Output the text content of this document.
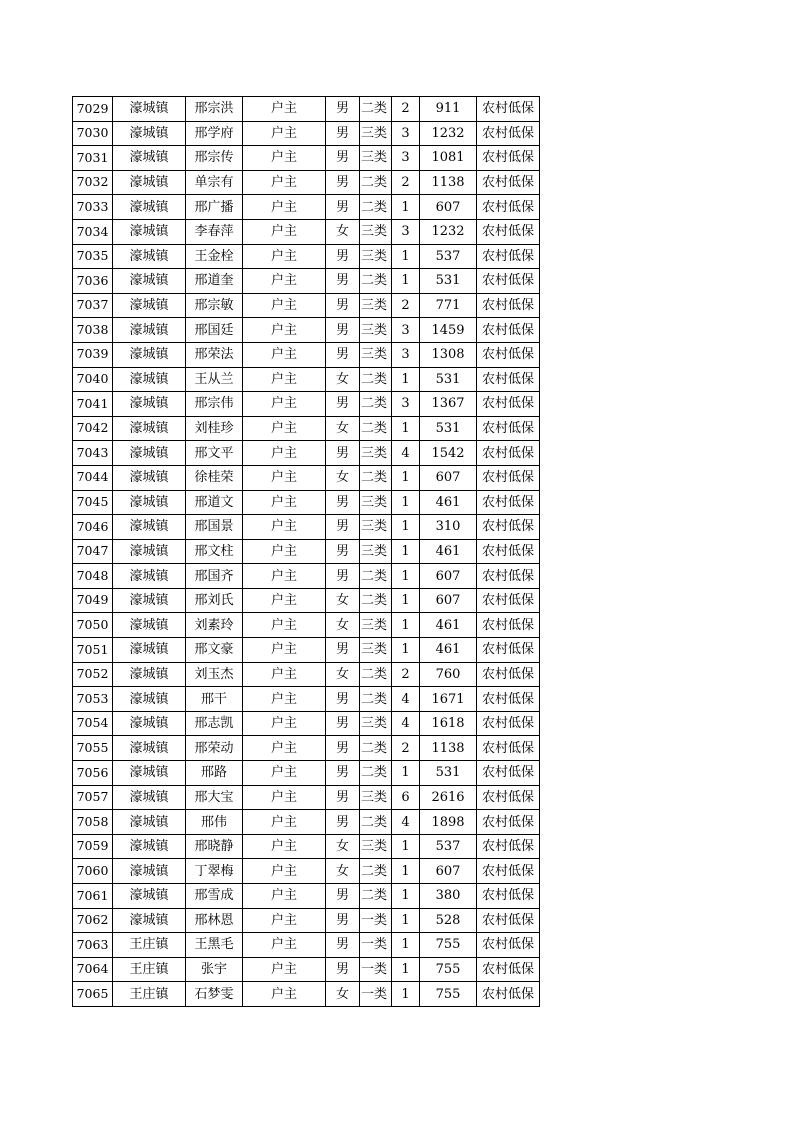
7029	濠城镇	邢宗洪	户主	男	二类	2	911	农村低保
7030	濠城镇	邢学府	户主	男	三类	3	1232	农村低保
7031	濠城镇	邢宗传	户主	男	三类	3	1081	农村低保
7032	濠城镇	单宗有	户主	男	二类	2	1138	农村低保
7033	濠城镇	邢广播	户主	男	二类	1	607	农村低保
7034	濠城镇	李春萍	户主	女	三类	3	1232	农村低保
7035	濠城镇	王金栓	户主	男	三类	1	537	农村低保
7036	濠城镇	邢道奎	户主	男	二类	1	531	农村低保
7037	濠城镇	邢宗敏	户主	男	三类	2	771	农村低保
7038	濠城镇	邢国廷	户主	男	三类	3	1459	农村低保
7039	濠城镇	邢荣法	户主	男	三类	3	1308	农村低保
7040	濠城镇	王从兰	户主	女	二类	1	531	农村低保
7041	濠城镇	邢宗伟	户主	男	二类	3	1367	农村低保
7042	濠城镇	刘桂珍	户主	女	二类	1	531	农村低保
7043	濠城镇	邢文平	户主	男	三类	4	1542	农村低保
7044	濠城镇	徐桂荣	户主	女	二类	1	607	农村低保
7045	濠城镇	邢道文	户主	男	三类	1	461	农村低保
7046	濠城镇	邢国景	户主	男	三类	1	310	农村低保
7047	濠城镇	邢文柱	户主	男	三类	1	461	农村低保
7048	濠城镇	邢国齐	户主	男	二类	1	607	农村低保
7049	濠城镇	邢刘氏	户主	女	二类	1	607	农村低保
7050	濠城镇	刘素玲	户主	女	三类	1	461	农村低保
7051	濠城镇	邢文豪	户主	男	三类	1	461	农村低保
7052	濠城镇	刘玉杰	户主	女	二类	2	760	农村低保
7053	濠城镇	邢干	户主	男	二类	4	1671	农村低保
7054	濠城镇	邢志凯	户主	男	三类	4	1618	农村低保
7055	濠城镇	邢荣动	户主	男	二类	2	1138	农村低保
7056	濠城镇	邢路	户主	男	二类	1	531	农村低保
7057	濠城镇	邢大宝	户主	男	三类	6	2616	农村低保
7058	濠城镇	邢伟	户主	男	二类	4	1898	农村低保
7059	濠城镇	邢晓静	户主	女	三类	1	537	农村低保
7060	濠城镇	丁翠梅	户主	女	二类	1	607	农村低保
7061	濠城镇	邢雪成	户主	男	二类	1	380	农村低保
7062	濠城镇	邢林恩	户主	男	一类	1	528	农村低保
7063	王庄镇	王黑毛	户主	男	一类	1	755	农村低保
7064	王庄镇	张宇	户主	男	一类	1	755	农村低保
7065	王庄镇	石梦雯	户主	女	一类	1	755	农村低保
